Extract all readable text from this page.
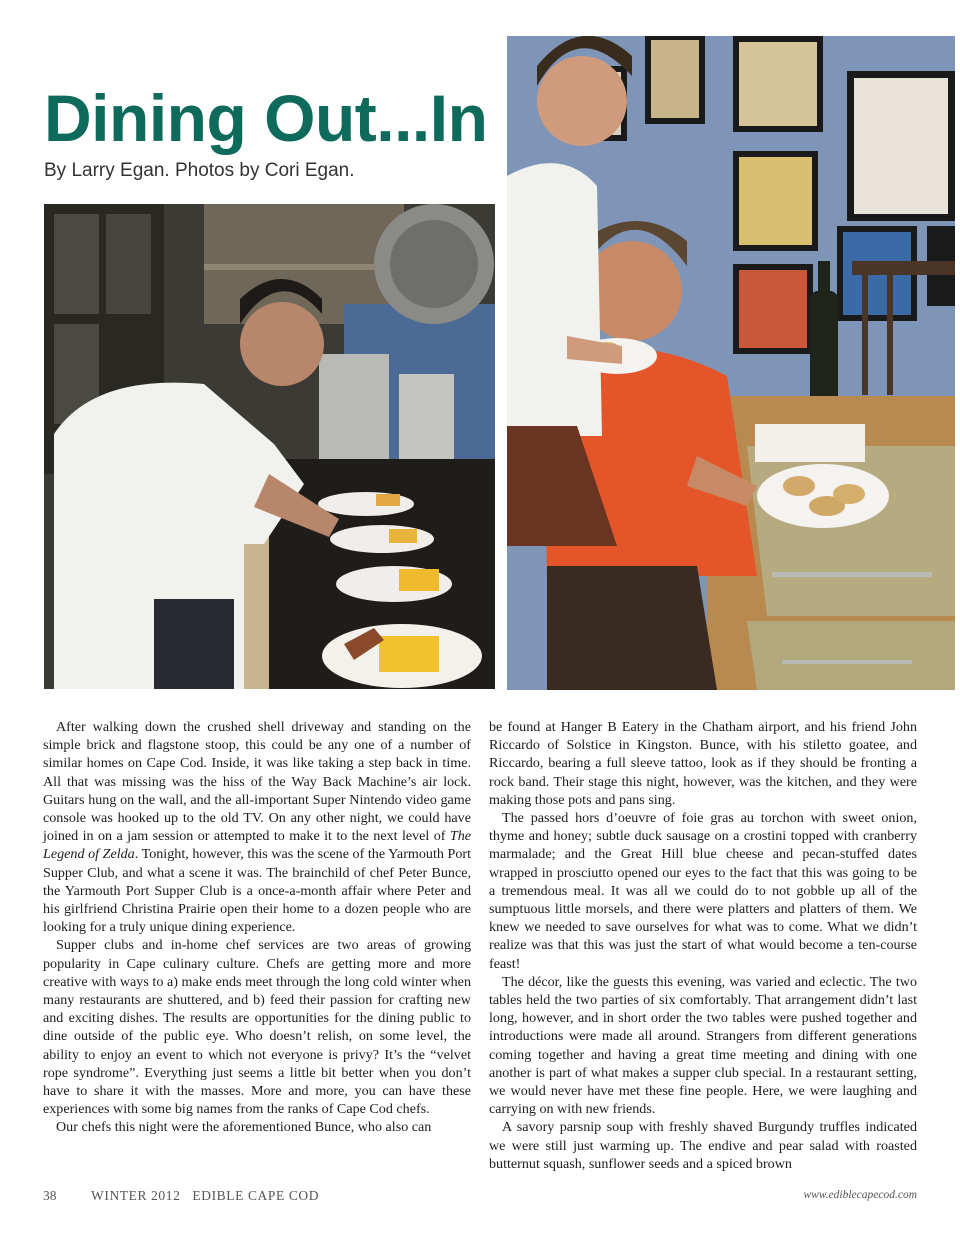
Dining Out...In

By Larry Egan. Photos by Cori Egan.

After walking down the crushed shell driveway and standing on the simple brick and flagstone stoop, this could be any one of a number of similar homes on Cape Cod. Inside, it was like taking a step back in time. All that was missing was the hiss of the Way Back Machine’s air lock. Guitars hung on the wall, and the all-important Super Nintendo video game console was hooked up to the old TV. On any other night, we could have joined in on a jam session or attempted to make it to the next level of The Legend of Zelda. Tonight, however, this was the scene of the Yarmouth Port Supper Club, and what a scene it was. The brainchild of chef Peter Bunce, the Yarmouth Port Supper Club is a once-a-month affair where Peter and his girlfriend Christina Prairie open their home to a dozen people who are looking for a truly unique dining experience.

Supper clubs and in-home chef services are two areas of growing popularity in Cape culinary culture. Chefs are getting more and more creative with ways to a) make ends meet through the long cold winter when many restaurants are shuttered, and b) feed their passion for crafting new and exciting dishes. The results are opportunities for the dining public to dine outside of the public eye. Who doesn’t relish, on some level, the ability to enjoy an event to which not everyone is privy? It’s the “velvet rope syndrome”. Everything just seems a little bit better when you don’t have to share it with the masses. More and more, you can have these experiences with some big names from the ranks of Cape Cod chefs.

Our chefs this night were the aforementioned Bunce, who also can

be found at Hanger B Eatery in the Chatham airport, and his friend John Riccardo of Solstice in Kingston. Bunce, with his stiletto goatee, and Riccardo, bearing a full sleeve tattoo, look as if they should be fronting a rock band. Their stage this night, however, was the kitchen, and they were making those pots and pans sing.

The passed hors d’oeuvre of foie gras au torchon with sweet onion, thyme and honey; subtle duck sausage on a crostini topped with cranberry marmalade; and the Great Hill blue cheese and pecan-stuffed dates wrapped in prosciutto opened our eyes to the fact that this was going to be a tremendous meal. It was all we could do to not gobble up all of the sumptuous little morsels, and there were platters and platters of them. We knew we needed to save ourselves for what was to come. What we didn’t realize was that this was just the start of what would become a ten-course feast!

The décor, like the guests this evening, was varied and eclectic. The two tables held the two parties of six comfortably. That arrangement didn’t last long, however, and in short order the two tables were pushed together and introductions were made all around. Strangers from different generations coming together and having a great time meeting and dining with one another is part of what makes a supper club special. In a restaurant setting, we would never have met these fine people. Here, we were laughing and carrying on with new friends.

A savory parsnip soup with freshly shaved Burgundy truffles indicated we were still just warming up. The endive and pear salad with roasted butternut squash, sunflower seeds and a spiced brown

38	WINTER 2012   EDIBLE CAPE COD	www.ediblecapecod.com
